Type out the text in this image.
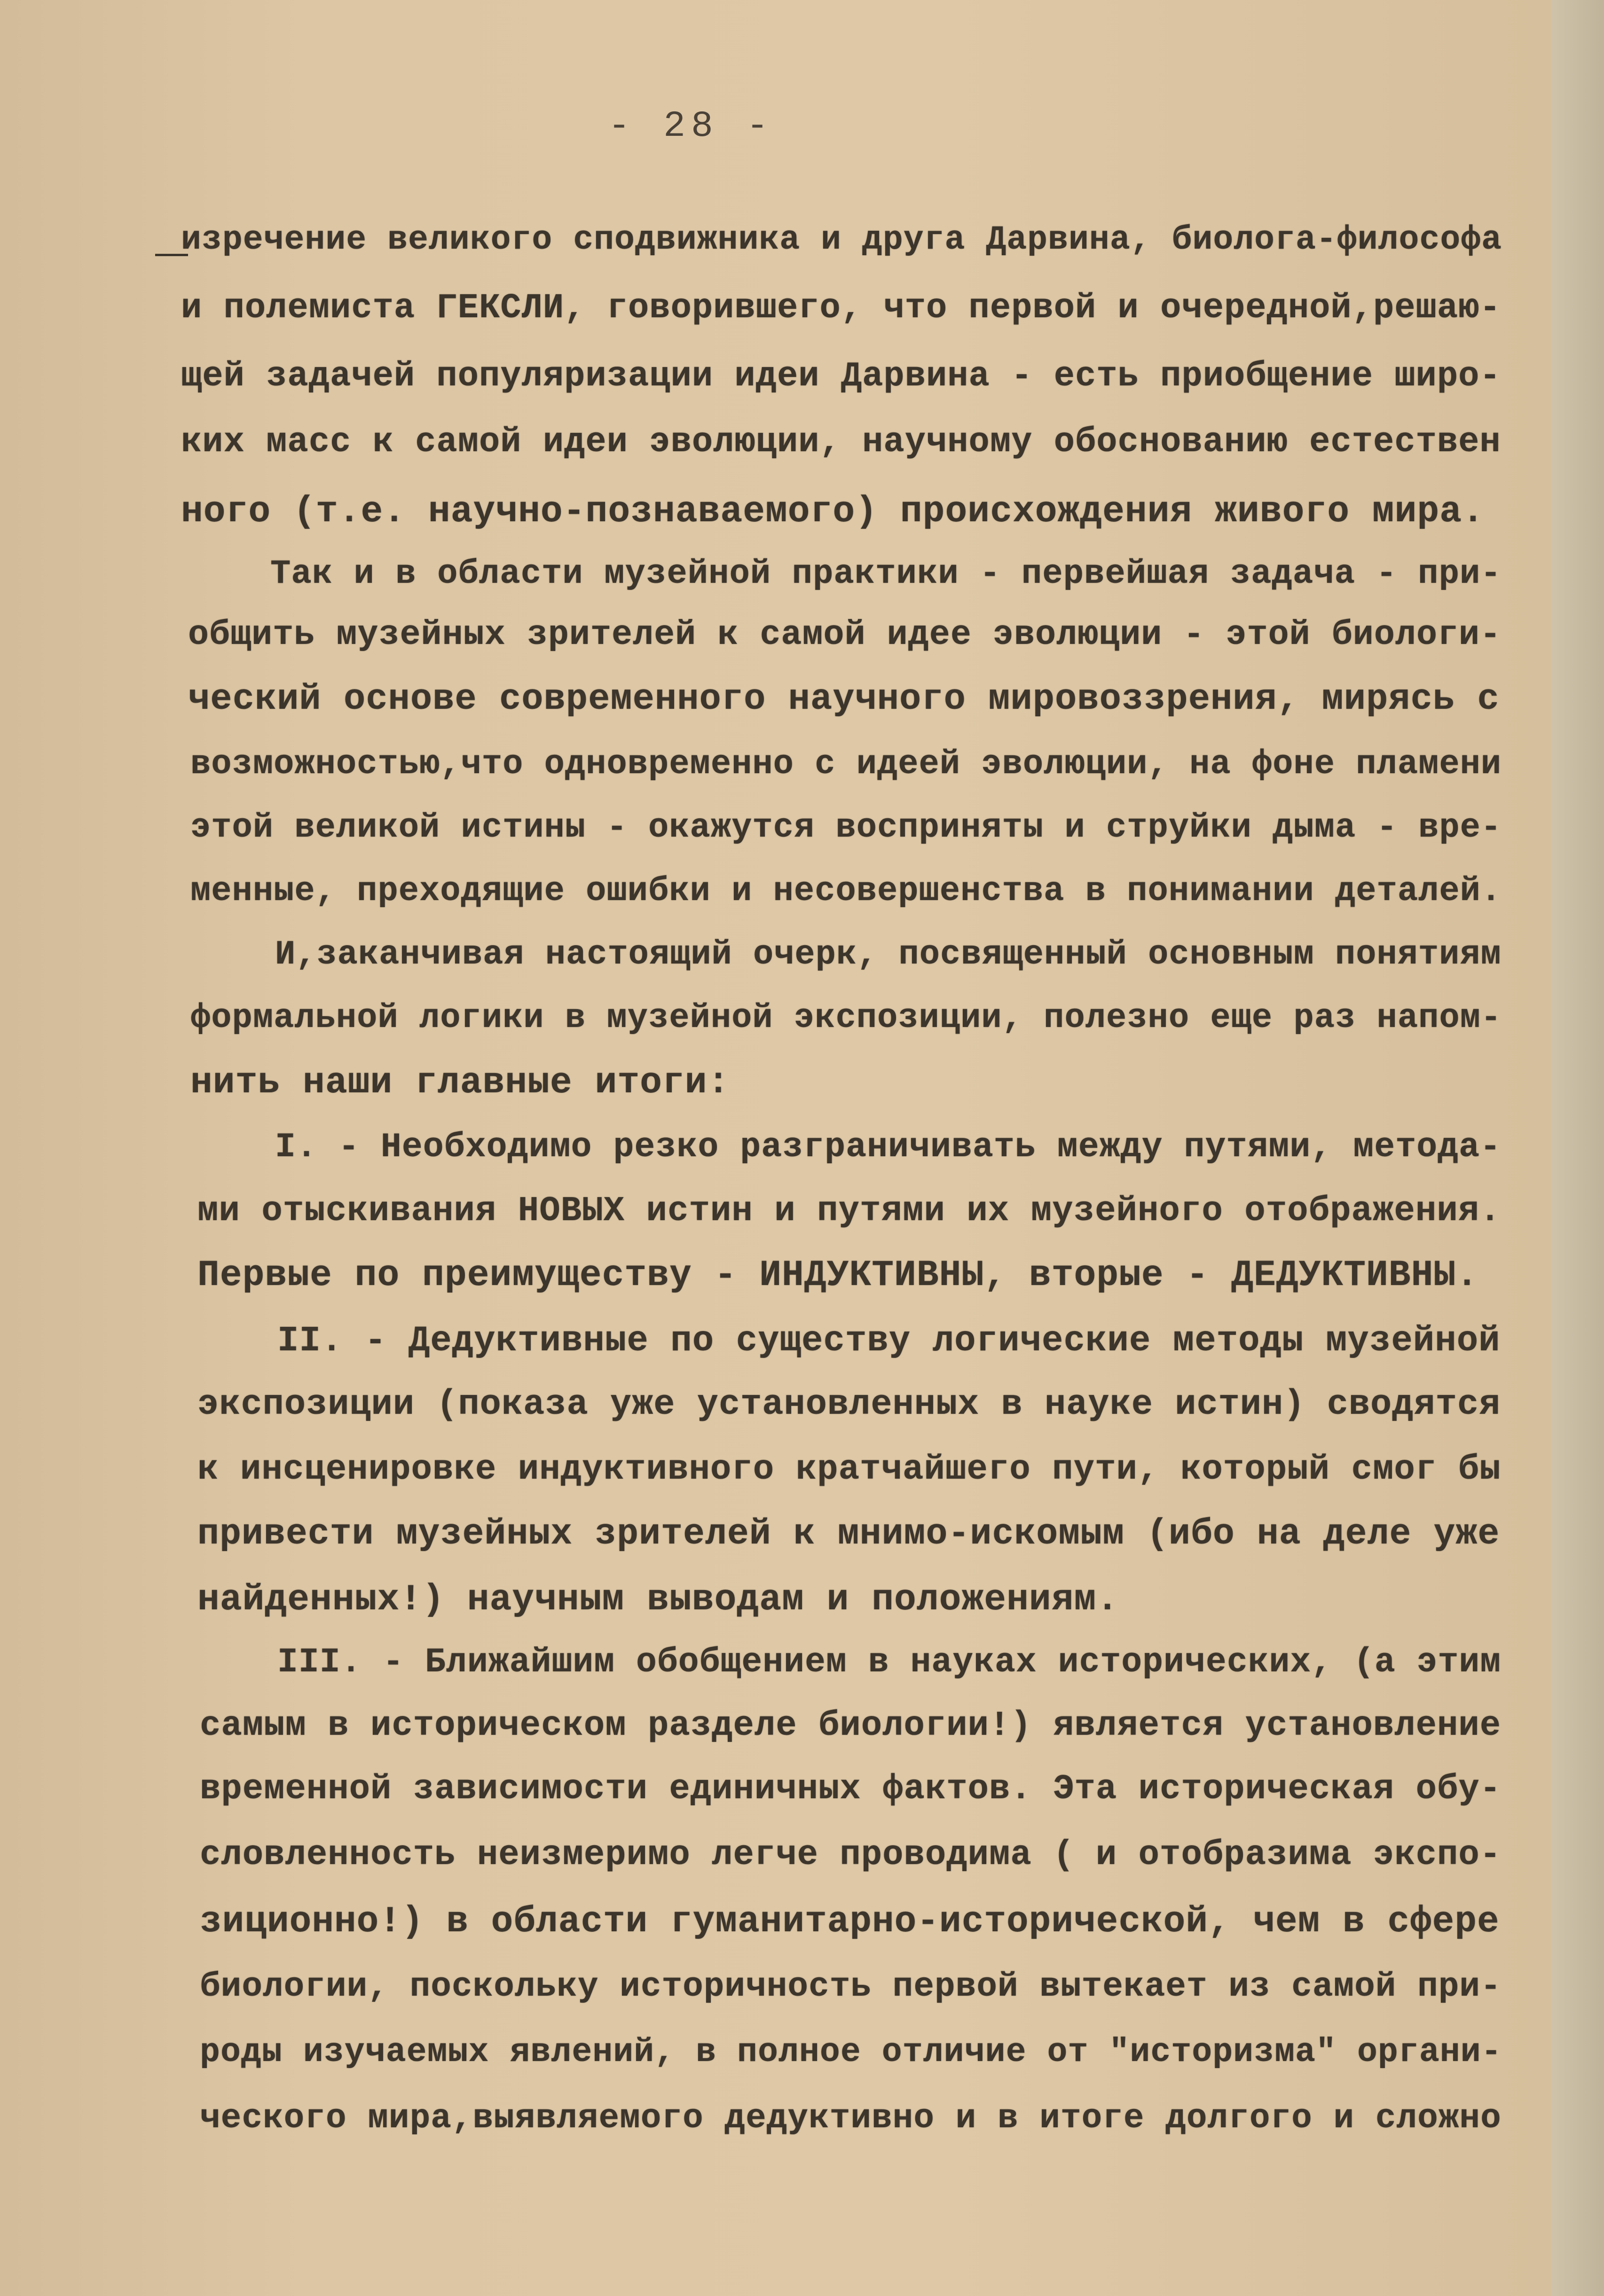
- 28 -
изречение великого сподвижника и друга Дарвина, биолога-философа
и полемиста ГЕКСЛИ, говорившего, что первой и очередной,решаю-
щей задачей популяризации идеи Дарвина - есть приобщение широ-
ких масс к самой идеи эволюции, научному обоснованию естествен
ного (т.е. научно-познаваемого) происхождения живого мира.
Так и в области музейной практики - первейшая задача - при-
общить музейных зрителей к самой идее эволюции - этой биологи-
ческий основе современного научного мировоззрения, мирясь с
возможностью,что одновременно с идеей эволюции, на фоне пламени
этой великой истины - окажутся восприняты и струйки дыма - вре-
менные, преходящие ошибки и несовершенства в понимании деталей.
И,заканчивая настоящий очерк, посвященный основным понятиям
формальной логики в музейной экспозиции, полезно еще раз напом-
нить наши главные итоги:
I. - Необходимо резко разграничивать между путями, метода-
ми отыскивания НОВЫХ истин и путями их музейного отображения.
Первые по преимуществу - ИНДУКТИВНЫ, вторые - ДЕДУКТИВНЫ.
II. - Дедуктивные по существу логические методы музейной
экспозиции (показа уже установленных в науке истин) сводятся
к инсценировке индуктивного кратчайшего пути, который смог бы
привести музейных зрителей к мнимо-искомым (ибо на деле уже
найденных!) научным выводам и положениям.
III. - Ближайшим обобщением в науках исторических, (а этим
самым в историческом разделе биологии!) является установление
временной зависимости единичных фактов. Эта историческая обу-
словленность неизмеримо легче проводима ( и отобразима экспо-
зиционно!) в области гуманитарно-исторической, чем в сфере
биологии, поскольку историчность первой вытекает из самой при-
роды изучаемых явлений, в полное отличие от "историзма" органи-
ческого мира,выявляемого дедуктивно и в итоге долгого и сложно
